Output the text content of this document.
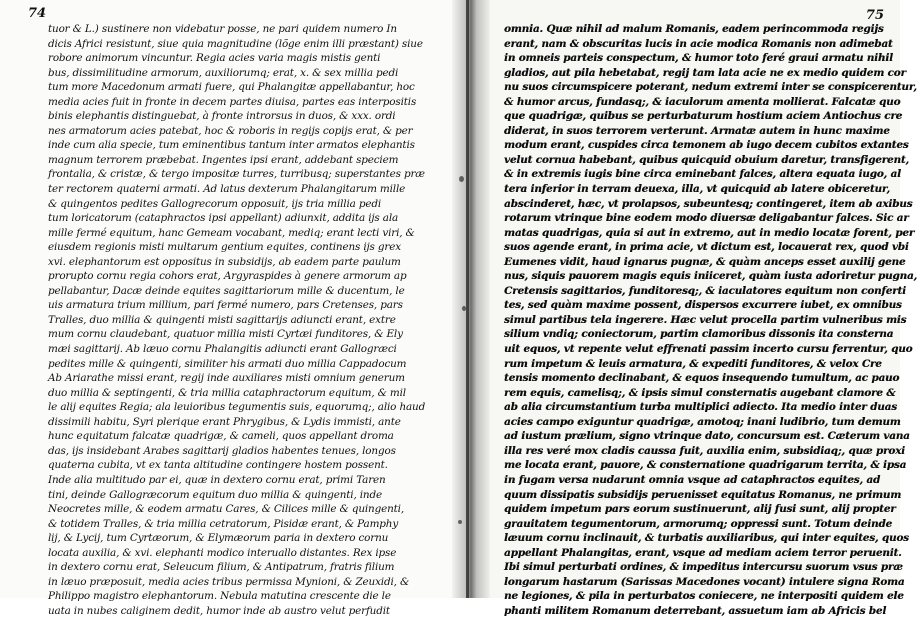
74
tuor & L.) sustinere non videbatur posse, ne pari quidem numero In
dicis Africi resistunt, siue quia magnitudine (lõge enim illi præstant) siue
robore animorum vincuntur. Regia acies varia magis mistis genti
bus, dissimilitudine armorum, auxiliorumq; erat, x. & sex millia pedi
tum more Macedonum armati fuere, qui Phalangitæ appellabantur, hoc
media acies fuit in fronte in decem partes diuisa, partes eas interpositis
binis elephantis distinguebat, à fronte introrsus in duos, & xxx. ordi
nes armatorum acies patebat, hoc & roboris in regijs copijs erat, & per
inde cum alia specie, tum eminentibus tantum inter armatos elephantis
magnum terrorem præbebat. Ingentes ipsi erant, addebant speciem
frontalia, & cristæ, & tergo impositæ turres, turribusq; superstantes præ
ter rectorem quaterni armati. Ad latus dexterum Phalangitarum mille
& quingentos pedites Gallogrecorum opposuit, ijs tria millia pedi
tum loricatorum (cataphractos ipsi appellant) adiunxit, addita ijs ala
mille fermé equitum, hanc Gemeam vocabant, mediq; erant lecti viri, &
eiusdem regionis misti multarum gentium equites, continens ijs grex
xvi. elephantorum est oppositus in subsidijs, ab eadem parte paulum
prorupto cornu regia cohors erat, Argyraspides à genere armorum ap
pellabantur, Dacæ deinde equites sagittariorum mille & ducentum, le
uis armatura trium millium, pari fermé numero, pars Cretenses, pars
Tralles, duo millia & quingenti misti sagittarijs adiuncti erant, extre
mum cornu claudebant, quatuor millia misti Cyrtæi funditores, & Ely
mæi sagittarij. Ab læuo cornu Phalangitis adiuncti erant Gallogræci
pedites mille & quingenti, similiter his armati duo millia Cappadocum
Ab Ariarathe missi erant, regij inde auxiliares misti omnium generum
duo millia & septingenti, & tria millia cataphractorum equitum, & mil
le alij equites Regia; ala leuioribus tegumentis suis, equorumq;, alio haud
dissimili habitu, Syri plerique erant Phrygibus, & Lydis immisti, ante
hunc equitatum falcatæ quadrigæ, & cameli, quos appellant droma
das, ijs insidebant Arabes sagittarij gladios habentes tenues, longos
quaterna cubita, vt ex tanta altitudine contingere hostem possent.
Inde alia multitudo par ei, quæ in dextero cornu erat, primi Taren
tini, deinde Gallogræcorum equitum duo millia & quingenti, inde
Neocretes mille, & eodem armatu Cares, & Cilices mille & quingenti,
& totidem Tralles, & tria millia cetratorum, Pisidæ erant, & Pamphy
lij, & Lycij, tum Cyrtæorum, & Elymæorum paria in dextero cornu
locata auxilia, & xvi. elephanti modico interuallo distantes. Rex ipse
in dextero cornu erat, Seleucum filium, & Antipatrum, fratris filium
in læuo præposuit, media acies tribus permissa Mynioni, & Zeuxidi, &
Philippo magistro elephantorum. Nebula matutina crescente die le
uata in nubes caliginem dedit, humor inde ab austro velut perfudit
75
omnia. Quæ nihil ad malum Romanis, eadem perincommoda regijs
erant, nam & obscuritas lucis in acie modica Romanis non adimebat
in omneis parteis conspectum, & humor toto feré graui armatu nihil
gladios, aut pila hebetabat, regij tam lata acie ne ex medio quidem cor
nu suos circumspicere poterant, nedum extremi inter se conspicerentur,
& humor arcus, fundasq;, & iaculorum amenta mollierat. Falcatæ quo
que quadrigæ, quibus se perturbaturum hostium aciem Antiochus cre
diderat, in suos terrorem verterunt. Armatæ autem in hunc maxime
modum erant, cuspides circa temonem ab iugo decem cubitos extantes
velut cornua habebant, quibus quicquid obuium daretur, transfigerent,
& in extremis iugis bine circa eminebant falces, altera equata iugo, al
tera inferior in terram deuexa, illa, vt quicquid ab latere obiceretur,
abscinderet, hæc, vt prolapsos, subeuntesq; contingeret, item ab axibus
rotarum vtrinque bine eodem modo diuersæ deligabantur falces. Sic ar
matas quadrigas, quia si aut in extremo, aut in medio locatæ forent, per
suos agende erant, in prima acie, vt dictum est, locauerat rex, quod vbi
Eumenes vidit, haud ignarus pugnæ, & quàm anceps esset auxilij gene
nus, siquis pauorem magis equis iniiceret, quàm iusta adoriretur pugna,
Cretensis sagittarios, funditoresq;, & iaculatores equitum non conferti
tes, sed quàm maxime possent, dispersos excurrere iubet, ex omnibus
simul partibus tela ingerere. Hæc velut procella partim vulneribus mis
silium vndiq; coniectorum, partim clamoribus dissonis ita consterna
uit equos, vt repente velut effrenati passim incerto cursu ferrentur, quo
rum impetum & leuis armatura, & expediti funditores, & velox Cre
tensis momento declinabant, & equos insequendo tumultum, ac pauo
rem equis, camelisq;, & ipsis simul consternatis augebant clamore &
ab alia circumstantium turba multiplici adiecto. Ita medio inter duas
acies campo exiguntur quadrigæ, amotoq; inani ludibrio, tum demum
ad iustum prælium, signo vtrinque dato, concursum est. Cæterum vana
illa res veré mox cladis caussa fuit, auxilia enim, subsidiaq;, quæ proxi
me locata erant, pauore, & consternatione quadrigarum territa, & ipsa
in fugam versa nudarunt omnia vsque ad cataphractos equites, ad
quum dissipatis subsidijs peruenisset equitatus Romanus, ne primum
quidem impetum pars eorum sustinuerunt, alij fusi sunt, alij propter
grauitatem tegumentorum, armorumq; oppressi sunt. Totum deinde
læuum cornu inclinauit, & turbatis auxiliaribus, qui inter equites, quos
appellant Phalangitas, erant, vsque ad mediam aciem terror peruenit.
Ibi simul perturbati ordines, & impeditus intercursu suorum vsus præ
longarum hastarum (Sarissas Macedones vocant) intulere signa Roma
ne legiones, & pila in perturbatos coniecere, ne interpositi quidem ele
phanti militem Romanum deterrebant, assuetum iam ab Africis bel
